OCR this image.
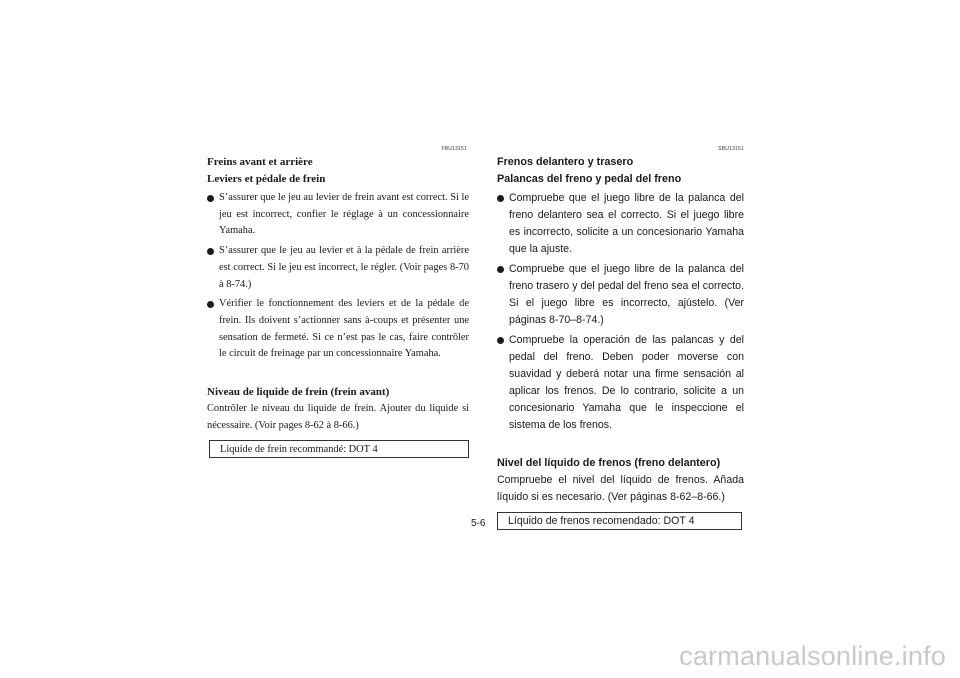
FBU13151
Freins avant et arrière
Leviers et pédale de frein
S’assurer que le jeu au levier de frein avant est correct. Si le jeu est incorrect, confier le réglage à un concessionnaire Yamaha.
S’assurer que le jeu au levier et à la pédale de frein arrière est correct. Si le jeu est incorrect, le régler. (Voir pages 8-70 à 8-74.)
Vérifier le fonctionnement des leviers et de la pédale de frein. Ils doivent s’actionner sans à-coups et présenter une sensation de fermeté. Si ce n’est pas le cas, faire contrôler le circuit de freinage par un concessionnaire Yamaha.
Niveau de liquide de frein (frein avant)

Contrôler le niveau du liquide de frein. Ajouter du liquide si nécessaire. (Voir pages 8-62 à 8-66.)

Liquide de frein recommandé: DOT 4
SBU13151
Frenos delantero y trasero
Palancas del freno y pedal del freno
Compruebe que el juego libre de la palanca del freno delantero sea el correcto. Si el juego libre es incorrecto, solicite a un concesionario Yamaha que la ajuste.
Compruebe que el juego libre de la palanca del freno trasero y del pedal del freno sea el correcto. Si el juego libre es incorrecto, ajústelo. (Ver páginas 8-70–8-74.)
Compruebe la operación de las palancas y del pedal del freno. Deben poder moverse con suavidad y deberá notar una firme sensación al aplicar los frenos. De lo contrario, solicite a un concesionario Yamaha que le inspeccione el sistema de los frenos.
Nivel del líquido de frenos (freno delantero)

Compruebe el nivel del líquido de frenos. Añada líquido si es necesario. (Ver páginas 8-62–8-66.)

Líquido de frenos recomendado: DOT 4
5-6
carmanualsonline.info
